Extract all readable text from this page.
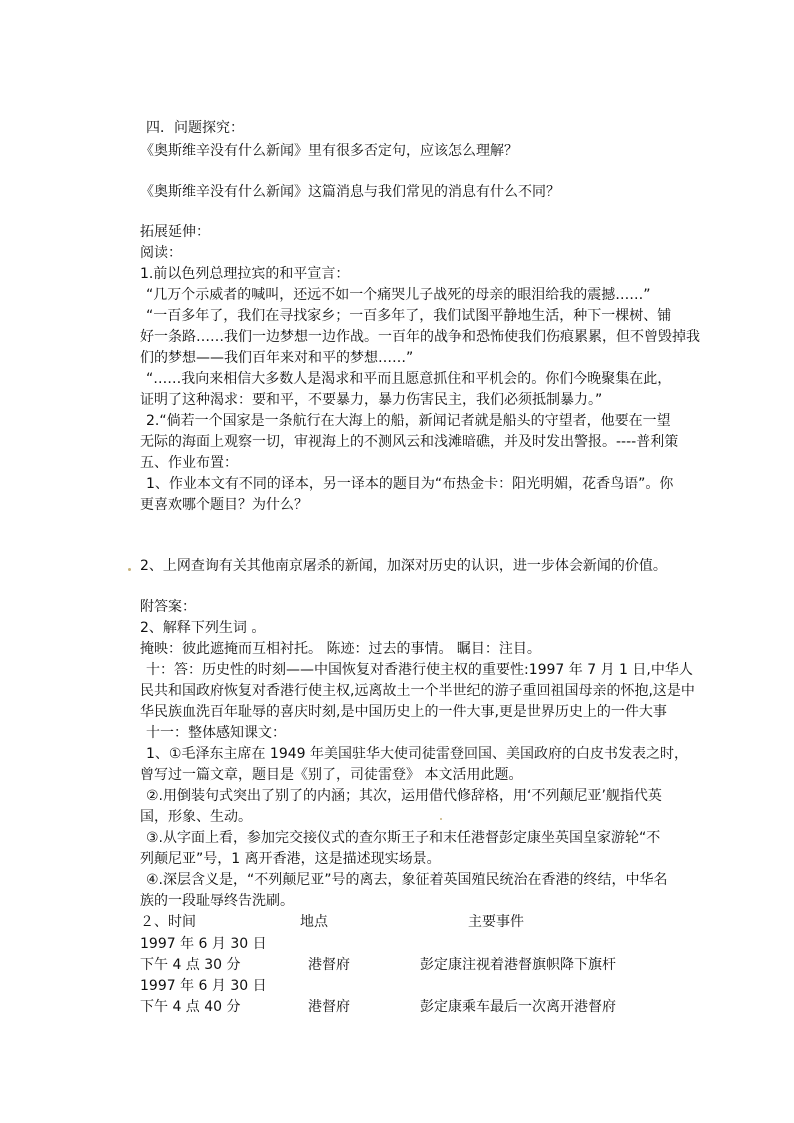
四．问题探究：
《奥斯维辛没有什么新闻》里有很多否定句，应该怎么理解？
《奥斯维辛没有什么新闻》这篇消息与我们常见的消息有什么不同？
拓展延伸：
阅读：
1.前以色列总理拉宾的和平宣言：
“几万个示威者的喊叫，还远不如一个痛哭儿子战死的母亲的眼泪给我的震撼……”
“一百多年了，我们在寻找家乡；一百多年了，我们试图平静地生活，种下一棵树、铺
好一条路……我们一边梦想一边作战。一百年的战争和恐怖使我们伤痕累累，但不曾毁掉我
们的梦想——我们百年来对和平的梦想……”
“……我向来相信大多数人是渴求和平而且愿意抓住和平机会的。你们今晚聚集在此，
证明了这种渴求：要和平，不要暴力，暴力伤害民主，我们必须抵制暴力。”
2.“倘若一个国家是一条航行在大海上的船，新闻记者就是船头的守望者，他要在一望
无际的海面上观察一切，审视海上的不测风云和浅滩暗礁，并及时发出警报。----普利策
五、作业布置：
1、作业本文有不同的译本，另一译本的题目为“布热金卡：阳光明媚，花香鸟语”。你
更喜欢哪个题目？为什么？
2、上网查询有关其他南京屠杀的新闻，加深对历史的认识，进一步体会新闻的价值。
附答案：
2、解释下列生词 。
掩映：彼此遮掩而互相衬托。 陈迹：过去的事情。 瞩目：注目。
十：答：历史性的时刻——中国恢复对香港行使主权的重要性:1997 年 7 月 1 日,中华人
民共和国政府恢复对香港行使主权,远离故土一个半世纪的游子重回祖国母亲的怀抱,这是中
华民族血洗百年耻辱的喜庆时刻,是中国历史上的一件大事,更是世界历史上的一件大事
十一：整体感知课文：
1、①毛泽东主席在 1949 年美国驻华大使司徒雷登回国、美国政府的白皮书发表之时，
曾写过一篇文章，题目是《别了，司徒雷登》 本文活用此题。
②.用倒装句式突出了别了的内涵；其次，运用借代修辞格，用‘不列颠尼亚’舰指代英
国，形象、生动。
③.从字面上看，参加完交接仪式的查尔斯王子和末任港督彭定康坐英国皇家游轮“不
列颠尼亚”号，1 离开香港，这是描述现实场景。
④.深层含义是，“不列颠尼亚”号的离去，象征着英国殖民统治在香港的终结，中华名
族的一段耻辱终告洗刷。
２、时间	地点	主要事件
1997 年 6 月 30 日
下午 4 点 30 分	港督府	彭定康注视着港督旗帜降下旗杆
1997 年 6 月 30 日
下午 4 点 40 分	港督府	彭定康乘车最后一次离开港督府
